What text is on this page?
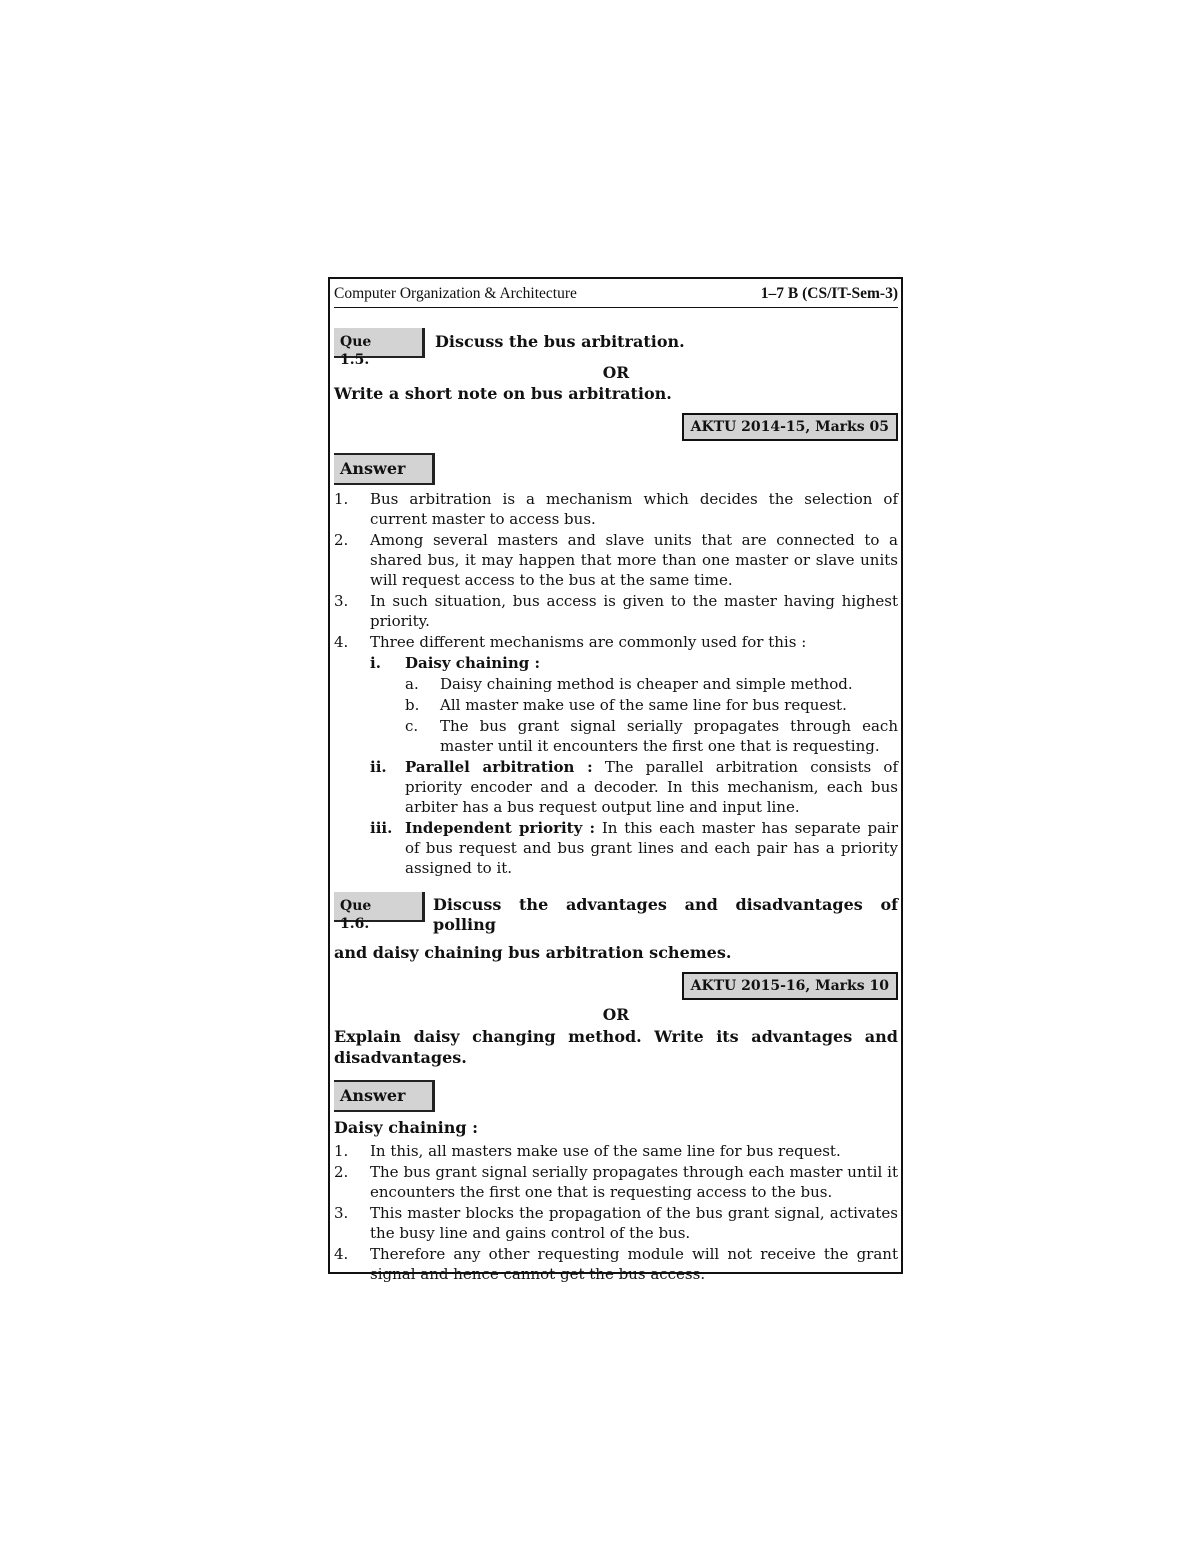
Computer Organization & Architecture	1–7 B (CS/IT-Sem-3)
Que 1.5.
Discuss the bus arbitration.
OR
Write a short note on bus arbitration.
AKTU 2014-15, Marks 05
Answer
1.	Bus arbitration is a mechanism which decides the selection of current master to access bus.
2.	Among several masters and slave units that are connected to a shared bus, it may happen that more than one master or slave units will request access to the bus at the same time.
3.	In such situation, bus access is given to the master having highest priority.
4.	Three different mechanisms are commonly used for this :
i.	Daisy chaining :
a.	Daisy chaining method is cheaper and simple method.
b.	All master make use of the same line for bus request.
c.	The bus grant signal serially propagates through each master until it encounters the first one that is requesting.
ii.	Parallel arbitration : The parallel arbitration consists of priority encoder and a decoder. In this mechanism, each bus arbiter has a bus request output line and input line.
iii. Independent priority : In this each master has separate pair of bus request and bus grant lines and each pair has a priority assigned to it.
Que 1.6.
Discuss the advantages and disadvantages of polling
and daisy chaining bus arbitration schemes.
AKTU 2015-16, Marks 10
OR
Explain daisy changing method. Write its advantages and disadvantages.
Answer
Daisy chaining :
1.	In this, all masters make use of the same line for bus request.
2.	The bus grant signal serially propagates through each master until it encounters the first one that is requesting access to the bus.
3.	This master blocks the propagation of the bus grant signal, activates the busy line and gains control of the bus.
4.	Therefore any other requesting module will not receive the grant signal and hence cannot get the bus access.
